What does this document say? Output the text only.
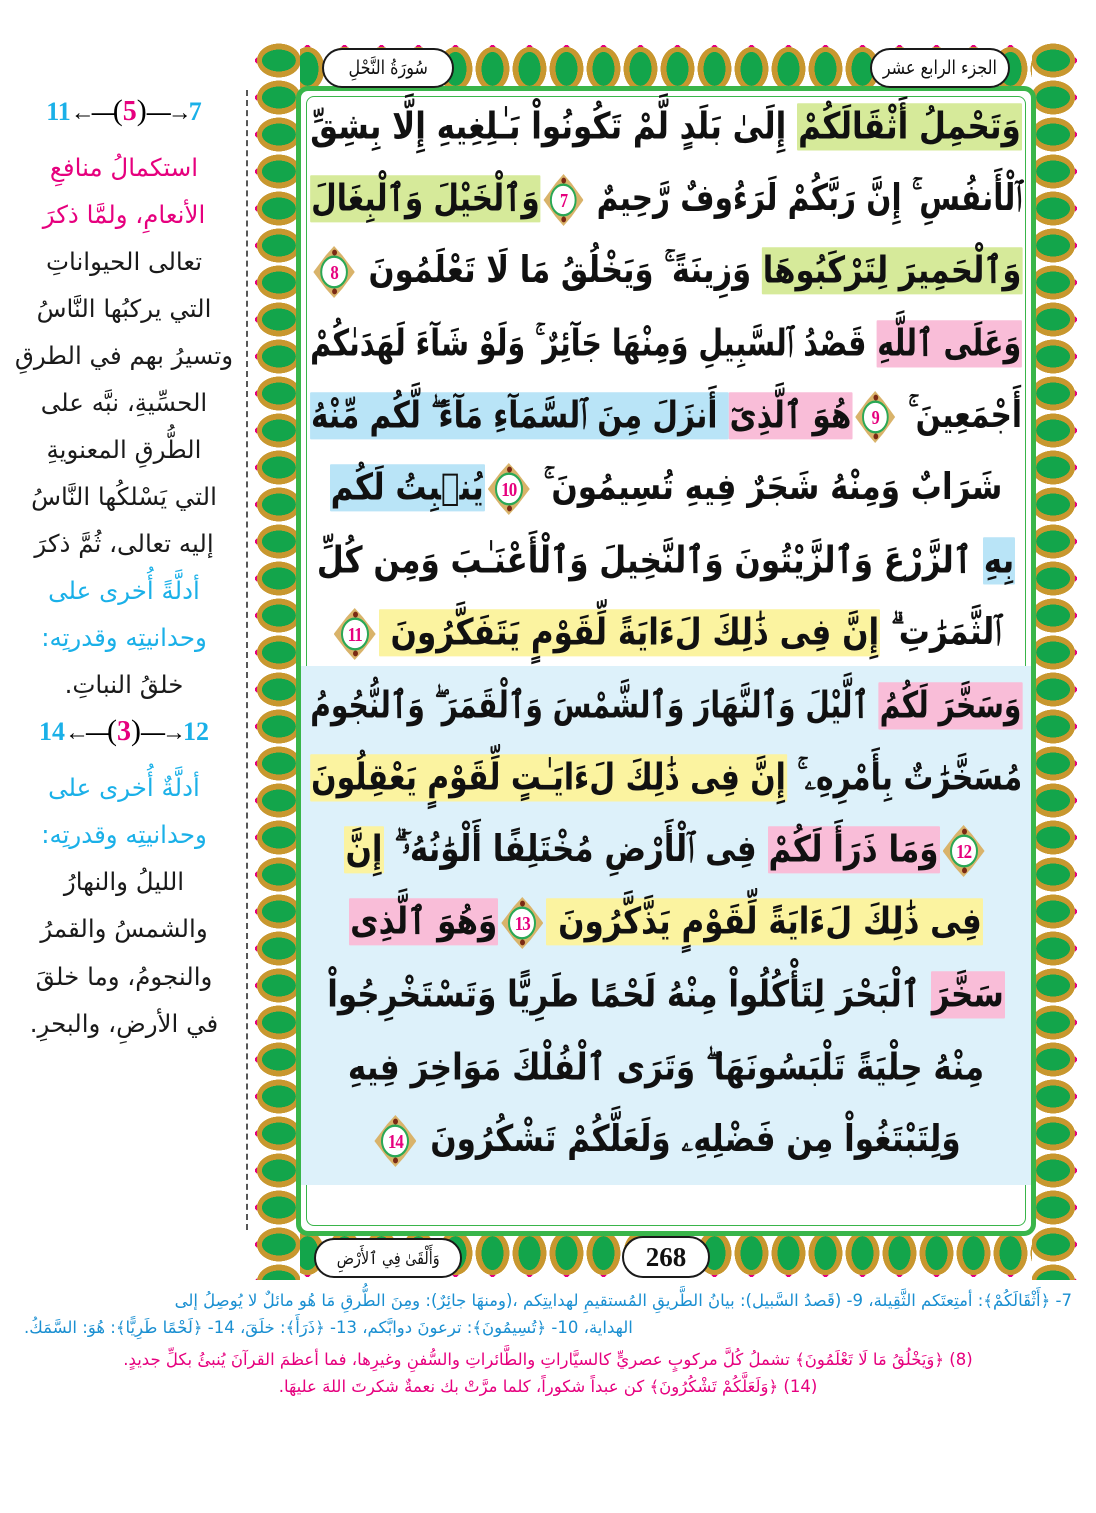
11←—(5)—→7
استكمالُ منافعِ
الأنعامِ، ولمَّا ذكرَ
تعالى الحيواناتِ
التي يركبُها النَّاسُ
وتسيرُ بهم في الطرقِ
الحسِّيةِ، نبَّه على
الطُّرقِ المعنويةِ
التي يَسْلكُها النَّاسُ
إليه تعالى، ثُمَّ ذكرَ
أدلَّةً أُخرى على
وحدانيتِه وقدرتِه:
خلقُ النباتِ.
14←—(3)—→12
أدلَّةٌ أُخرى على
وحدانيتِه وقدرتِه:
الليلُ والنهارُ
والشمسُ والقمرُ
والنجومُ، وما خلقَ
في الأرضِ، والبحرِ.
سُورَةُ النَّحْلِ	الجزء الرابع عشر
وَأَلْقَىٰ فِي ٱلأَرْضِ	268
وَتَحْمِلُ أَثْقَالَكُمْ إِلَىٰ بَلَدٍ لَّمْ تَكُونُواْ بَـٰلِغِيهِ إِلَّا بِشِقِّ
ٱلْأَنفُسِ ۚ إِنَّ رَبَّكُمْ لَرَءُوفٌ رَّحِيمٌ
7
وَٱلْخَيْلَ وَٱلْبِغَالَ
وَٱلْحَمِيرَ لِتَرْكَبُوهَا وَزِينَةً ۚ وَيَخْلُقُ مَا لَا تَعْلَمُونَ
8
وَعَلَى ٱللَّهِ قَصْدُ ٱلسَّبِيلِ وَمِنْهَا جَآئِرٌ ۚ وَلَوْ شَآءَ لَهَدَىٰكُمْ
أَجْمَعِينَ ۚ
9
هُوَ ٱلَّذِىٓ أَنزَلَ مِنَ ٱلسَّمَآءِ مَآءً ۖ لَّكُم مِّنْهُ
شَرَابٌ وَمِنْهُ شَجَرٌ فِيهِ تُسِيمُونَ ۚ
10
يُنۢبِتُ لَكُم
بِهِ ٱلزَّرْعَ وَٱلزَّيْتُونَ وَٱلنَّخِيلَ وَٱلْأَعْنَـٰبَ وَمِن كُلِّ
ٱلثَّمَرَٰتِ ۗ إِنَّ فِى ذَٰلِكَ لَءَايَةً لِّقَوْمٍ يَتَفَكَّرُونَ
11
وَسَخَّرَ لَكُمُ ٱلَّيْلَ وَٱلنَّهَارَ وَٱلشَّمْسَ وَٱلْقَمَرَ ۖ وَٱلنُّجُومُ
مُسَخَّرَٰتٌ بِأَمْرِهِۦ ۚ إِنَّ فِى ذَٰلِكَ لَءَايَـٰتٍ لِّقَوْمٍ يَعْقِلُونَ
12
وَمَا ذَرَأَ لَكُمْ فِى ٱلْأَرْضِ مُخْتَلِفًا أَلْوَٰنُهُۥٓ ۗ إِنَّ
فِى ذَٰلِكَ لَءَايَةً لِّقَوْمٍ يَذَّكَّرُونَ
13
وَهُوَ ٱلَّذِى
سَخَّرَ ٱلْبَحْرَ لِتَأْكُلُواْ مِنْهُ لَحْمًا طَرِيًّا وَتَسْتَخْرِجُواْ
مِنْهُ حِلْيَةً تَلْبَسُونَهَا ۖ وَتَرَى ٱلْفُلْكَ مَوَاخِرَ فِيهِ
وَلِتَبْتَغُواْ مِن فَضْلِهِۦ وَلَعَلَّكُمْ تَشْكُرُونَ
14
7- ﴿أَثْقَالَكُمْ﴾: أمتِعتَكم الثَّقِيلة، 9- (قَصدُ السَّبيل): بيانُ الطَّريقِ المُستقيمِ لهدايتِكم ،(ومنهَا جائِرٌ): ومِنَ الطُّرقِ مَا هُو مائلٌ لا يُوصِلُ إلى
الهداية، 10- ﴿تُسِيمُونَ﴾: ترعونَ دوابَّكم، 13- ﴿ذَرَأَ﴾: خلَقَ، 14- ﴿لَحْمًا طَرِيًّا﴾: هُوَ: السَّمَكُ.
(8) ﴿وَيَخْلُقُ مَا لَا تَعْلَمُونَ﴾ تشملُ كُلَّ مركوبٍ عصريٍّ كالسيَّاراتِ والطَّائراتِ والسُّفنِ وغيرِها، فما أعظمَ القرآنَ يُنبئُ بكلِّ جديدٍ.
(14) ﴿وَلَعَلَّكُمْ تَشْكُرُونَ﴾ كن عبداً شكوراً، كلما مرَّتْ بك نعمةٌ شكرتَ اللهَ عليهَا.
